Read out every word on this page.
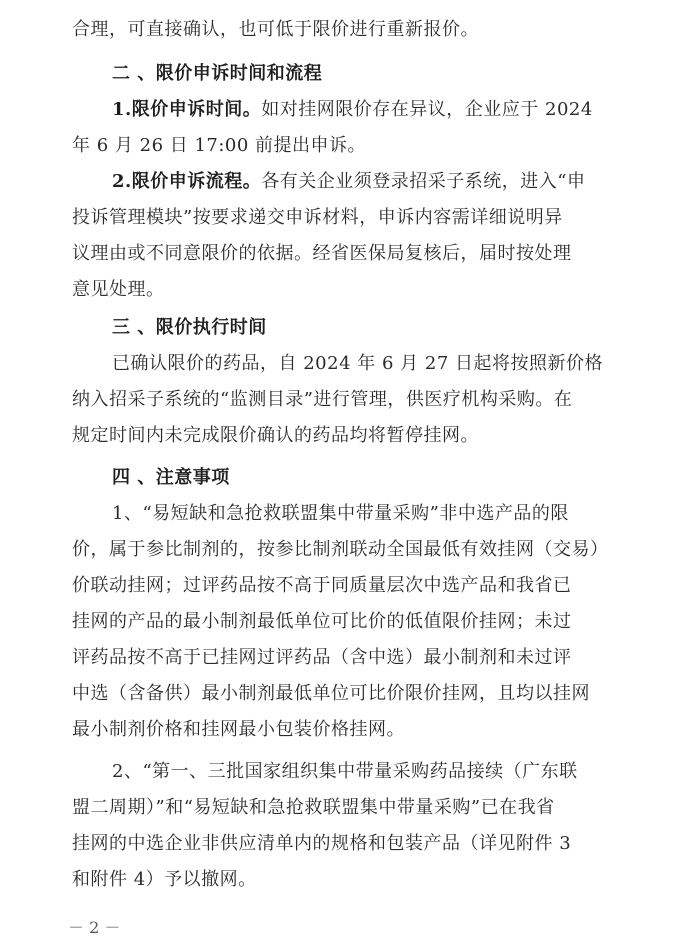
合理，可直接确认，也可低于限价进行重新报价。
二 、限价申诉时间和流程
1.限价申诉时间。如对挂网限价存在异议，企业应于 2024
年 6 月 26 日 17:00 前提出申诉。
2.限价申诉流程。各有关企业须登录招采子系统，进入“申
投诉管理模块”按要求递交申诉材料，申诉内容需详细说明异
议理由或不同意限价的依据。经省医保局复核后，届时按处理
意见处理。
三 、限价执行时间
已确认限价的药品，自 2024 年 6 月 27 日起将按照新价格
纳入招采子系统的“监测目录”进行管理，供医疗机构采购。在
规定时间内未完成限价确认的药品均将暂停挂网。
四 、注意事项
1、“易短缺和急抢救联盟集中带量采购”非中选产品的限
价，属于参比制剂的，按参比制剂联动全国最低有效挂网（交易）
价联动挂网；过评药品按不高于同质量层次中选产品和我省已
挂网的产品的最小制剂最低单位可比价的低值限价挂网；未过
评药品按不高于已挂网过评药品（含中选）最小制剂和未过评
中选（含备供）最小制剂最低单位可比价限价挂网，且均以挂网
最小制剂价格和挂网最小包装价格挂网。
2、“第一、三批国家组织集中带量采购药品接续（广东联
盟二周期）”和“易短缺和急抢救联盟集中带量采购”已在我省
挂网的中选企业非供应清单内的规格和包装产品（详见附件 3
和附件 4）予以撤网。
－ 2 －
